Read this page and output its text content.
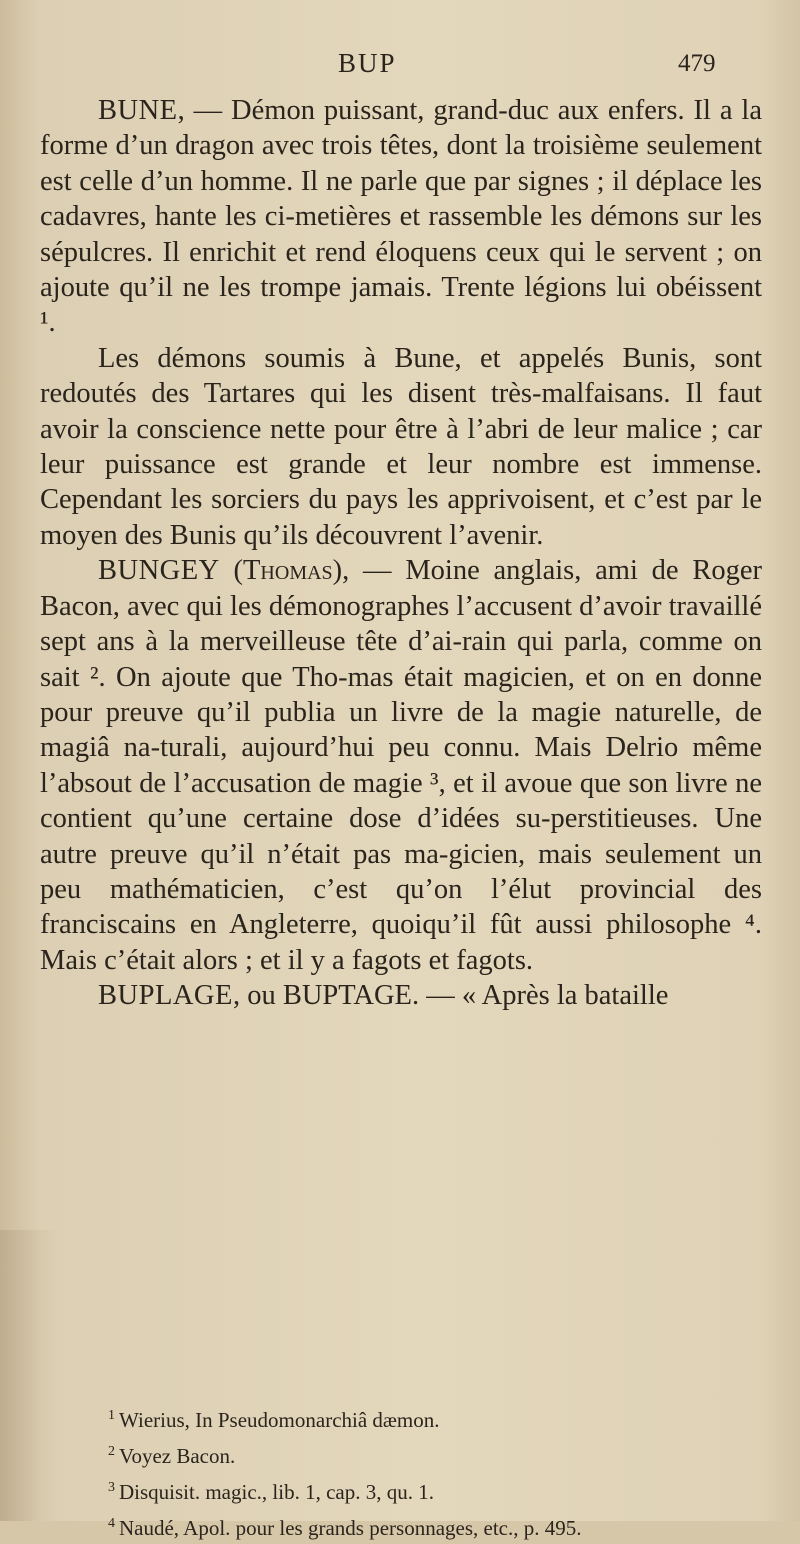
BUP	479

BUNE, — Démon puissant, grand-duc aux enfers. Il a la forme d’un dragon avec trois têtes, dont la troisième seulement est celle d’un homme. Il ne parle que par signes ; il déplace les cadavres, hante les ci-metières et rassemble les démons sur les sépulcres. Il enrichit et rend éloquens ceux qui le servent ; on ajoute qu’il ne les trompe jamais. Trente légions lui obéissent ¹.

Les démons soumis à Bune, et appelés Bunis, sont redoutés des Tartares qui les disent très-malfaisans. Il faut avoir la conscience nette pour être à l’abri de leur malice ; car leur puissance est grande et leur nombre est immense. Cependant les sorciers du pays les apprivoisent, et c’est par le moyen des Bunis qu’ils découvrent l’avenir.

BUNGEY (Thomas), — Moine anglais, ami de Roger Bacon, avec qui les démonographes l’accusent d’avoir travaillé sept ans à la merveilleuse tête d’ai-rain qui parla, comme on sait ². On ajoute que Tho-mas était magicien, et on en donne pour preuve qu’il publia un livre de la magie naturelle, de magiâ na-turali, aujourd’hui peu connu. Mais Delrio même l’absout de l’accusation de magie ³, et il avoue que son livre ne contient qu’une certaine dose d’idées su-perstitieuses. Une autre preuve qu’il n’était pas ma-gicien, mais seulement un peu mathématicien, c’est qu’on l’élut provincial des franciscains en Angleterre, quoiqu’il fût aussi philosophe ⁴. Mais c’était alors ; et il y a fagots et fagots.

BUPLAGE, ou BUPTAGE. — « Après la bataille

$^1$ Wierius, In Pseudomonarchiâ dæmon.

$^2$ Voyez Bacon.

$^3$ Disquisit. magic., lib. 1, cap. 3, qu. 1.

$^4$ Naudé, Apol. pour les grands personnages, etc., p. 495.
